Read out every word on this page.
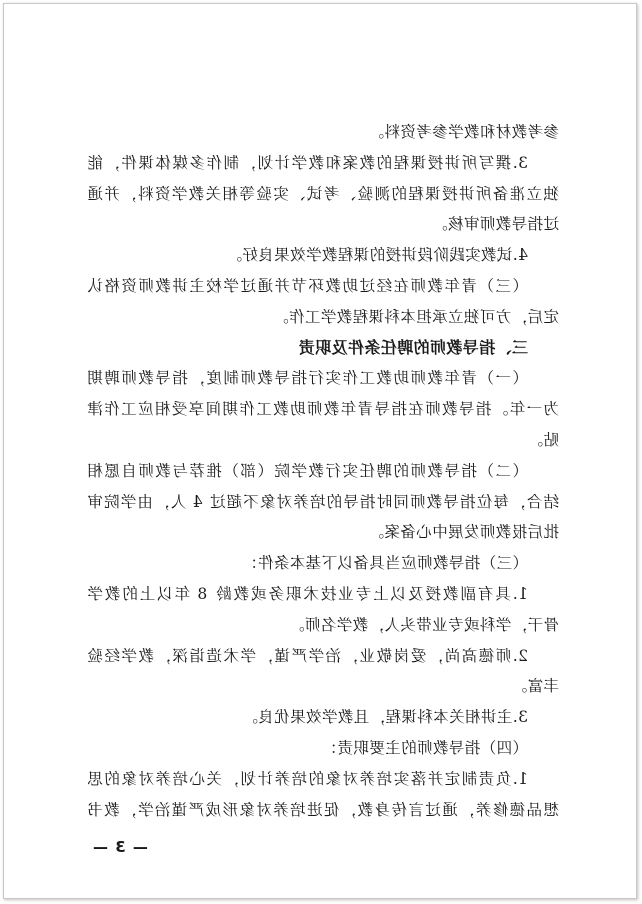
参考教材和教学参考资料。
3.撰写所讲授课程的教案和教学计划，制作多媒体课件，能
独立准备所讲授课程的测验、考试、实验等相关教学资料，并通
过指导教师审核。
4.试教实践阶段讲授的课程教学效果良好。
（三）青年教师在经过助教环节并通过学校主讲教师资格认
定后，方可独立承担本科课程教学工作。
三、指导教师的聘任条件及职责
（一）青年教师助教工作实行指导教师制度，指导教师聘期
为一年。指导教师在指导青年教师助教工作期间享受相应工作津
贴。
（二）指导教师的聘任实行教学院（部）推荐与教师自愿相
结合，每位指导教师同时指导的培养对象不超过 4 人，由学院审
批后报教师发展中心备案。
（三）指导教师应当具备以下基本条件：
1.具有副教授及以上专业技术职务或教龄 8 年以上的教学
骨干，学科或专业带头人，教学名师。
2.师德高尚，爱岗敬业，治学严谨，学术造诣深，教学经验
丰富。
3.主讲相关本科课程，且教学效果优良。
（四）指导教师的主要职责：
1.负责制定并落实培养对象的培养计划，关心培养对象的思
想品德修养，通过言传身教，促进培养对象形成严谨治学，教书
— 3 —
